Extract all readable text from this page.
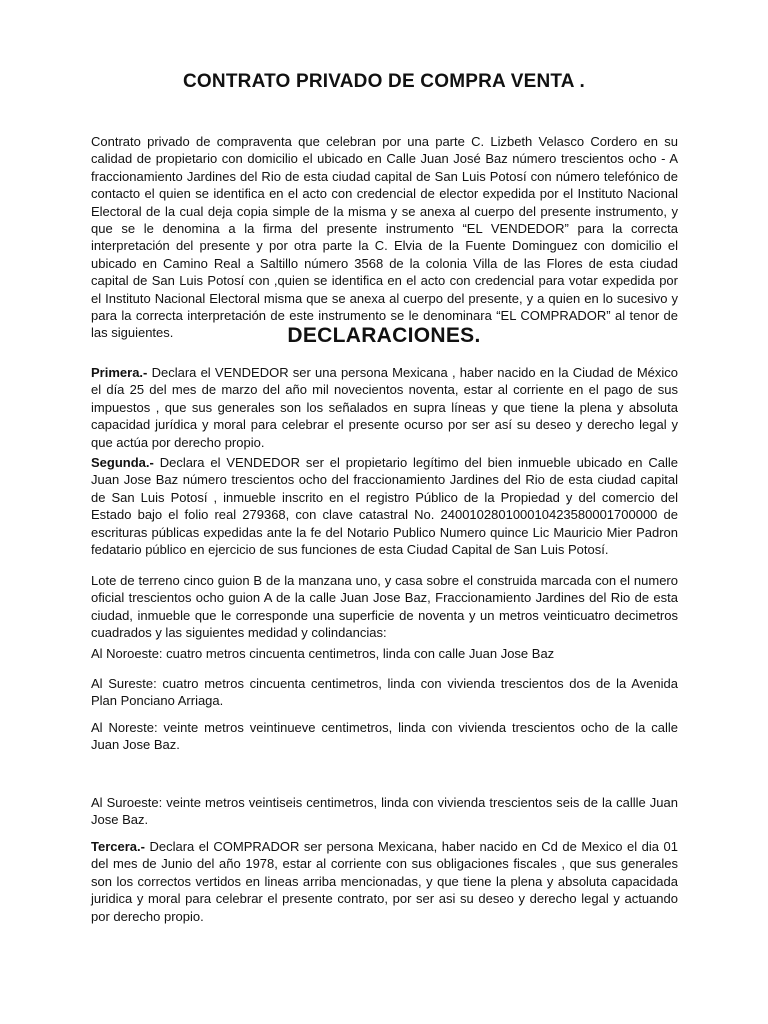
CONTRATO PRIVADO DE COMPRA VENTA .

Contrato privado de compraventa que celebran por una parte C. Lizbeth Velasco Cordero en su calidad de propietario con domicilio el ubicado en Calle Juan José Baz número trescientos ocho - A fraccionamiento Jardines del Rio de esta ciudad capital de San Luis Potosí con número telefónico de contacto el quien se identifica en el acto con credencial de elector expedida por el Instituto Nacional Electoral de la cual deja copia simple de la misma y se anexa al cuerpo del presente instrumento, y que se le denomina a la firma del presente instrumento “EL VENDEDOR” para la correcta interpretación del presente y por otra parte la C. Elvia de la Fuente Dominguez con domicilio el ubicado en Camino Real a Saltillo número 3568 de la colonia Villa de las Flores de esta ciudad capital de San Luis Potosí con ,quien se identifica en el acto con credencial para votar expedida por el Instituto Nacional Electoral misma que se anexa al cuerpo del presente, y a quien en lo sucesivo y para la correcta interpretación de este instrumento se le denominara “EL COMPRADOR” al tenor de las siguientes.	DECLARACIONES.

Primera.- Declara el VENDEDOR ser una persona Mexicana , haber nacido en la Ciudad de México el día 25 del mes de marzo del año mil novecientos noventa, estar al corriente en el pago de sus impuestos , que sus generales son los señalados en supra líneas y que tiene la plena y absoluta capacidad jurídica y moral para celebrar el presente ocurso por ser así su deseo y derecho legal y que actúa por derecho propio.

Segunda.- Declara el VENDEDOR ser el propietario legítimo del bien inmueble ubicado en Calle Juan Jose Baz número trescientos ocho del fraccionamiento Jardines del Rio de esta ciudad capital de San Luis Potosí , inmueble inscrito en el registro Público de la Propiedad y del comercio del Estado bajo el folio real 279368, con clave catastral No. 240010280100010423580001700000 de escrituras públicas expedidas ante la fe del Notario Publico Numero quince Lic Mauricio Mier Padron fedatario público en ejercicio de sus funciones de esta Ciudad Capital de San Luis Potosí.

Lote de terreno cinco guion B de la manzana uno, y casa sobre el construida marcada con el numero oficial trescientos ocho guion A de la calle Juan Jose Baz, Fraccionamiento Jardines del Rio de esta ciudad, inmueble que le corresponde una superficie de noventa y un metros veinticuatro decimetros cuadrados y las siguientes medidad y colindancias:

Al Noroeste: cuatro metros cincuenta centimetros, linda con calle Juan Jose Baz

Al Sureste: cuatro metros cincuenta centimetros, linda con vivienda trescientos dos de la Avenida Plan Ponciano Arriaga.

Al Noreste: veinte metros veintinueve centimetros, linda con vivienda trescientos ocho de la calle Juan Jose Baz.

Al Suroeste: veinte metros veintiseis centimetros, linda con vivienda trescientos seis de la callle Juan Jose Baz.

Tercera.- Declara el COMPRADOR ser persona Mexicana, haber nacido en Cd de Mexico el dia 01 del mes de Junio del año 1978, estar al corriente con sus obligaciones fiscales , que sus generales son los correctos vertidos en lineas arriba mencionadas, y que tiene la plena y absoluta capacidada juridica y moral para celebrar el presente contrato, por ser asi su deseo y derecho legal y actuando por derecho propio.
